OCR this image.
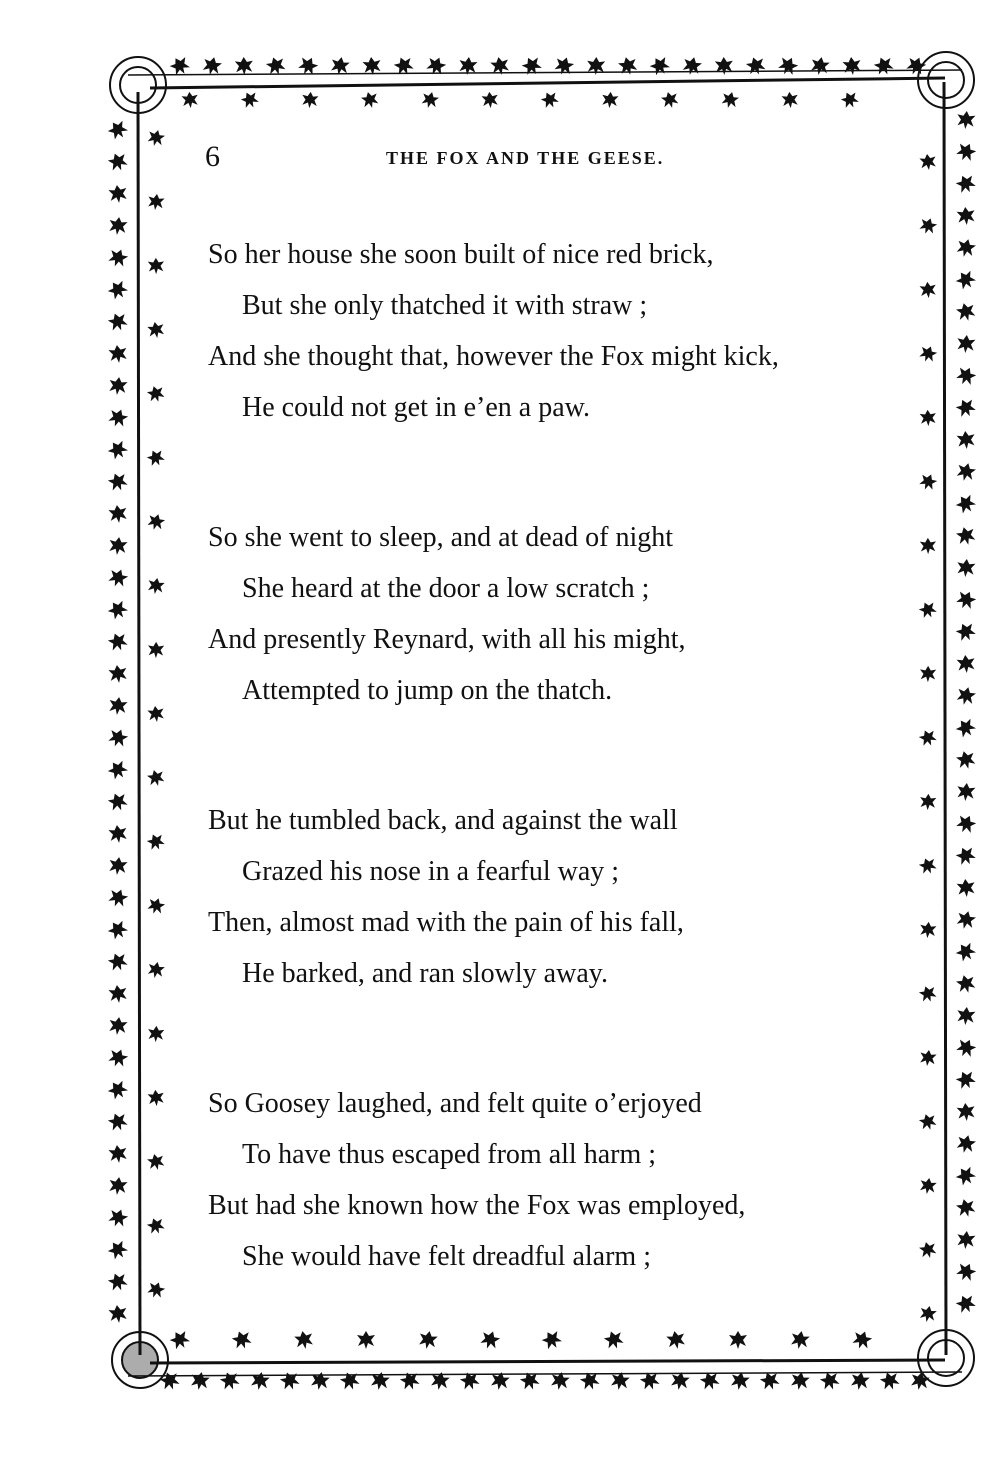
6	THE FOX AND THE GEESE.
So her house she soon built of nice red brick,
But she only thatched it with straw ;
And she thought that, however the Fox might kick,
He could not get in e’en a paw.
So she went to sleep, and at dead of night
She heard at the door a low scratch ;
And presently Reynard, with all his might,
Attempted to jump on the thatch.
But he tumbled back, and against the wall
Grazed his nose in a fearful way ;
Then, almost mad with the pain of his fall,
He barked, and ran slowly away.
So Goosey laughed, and felt quite o’erjoyed
To have thus escaped from all harm ;
But had she known how the Fox was employed,
She would have felt dreadful alarm ;
